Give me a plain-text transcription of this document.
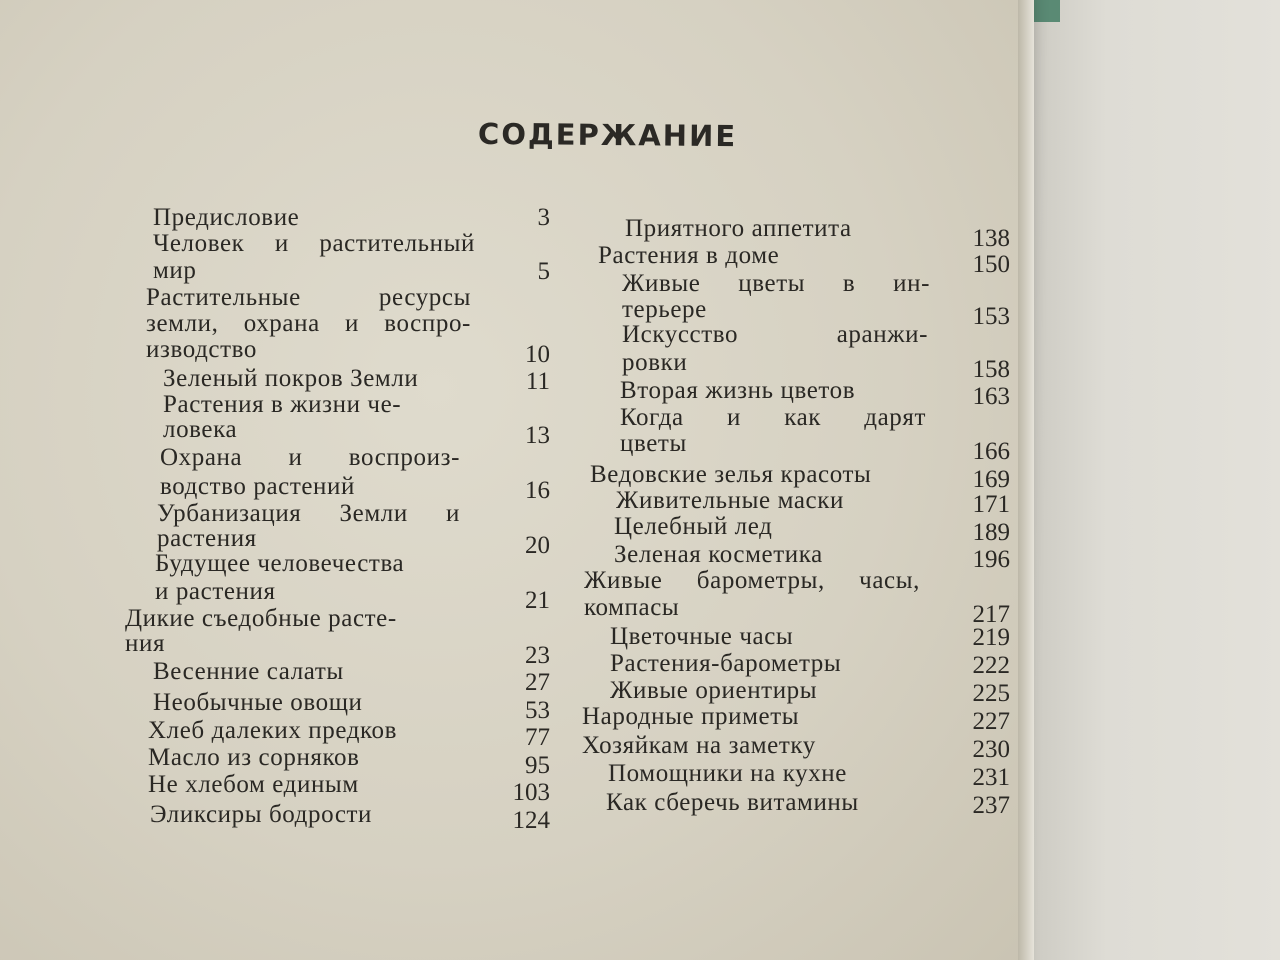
СОДЕРЖАНИЕ
Предисловие	3
Человек и растительный
мир	5
Растительные ресурсы
земли, охрана и воспро-
изводство	10
Зеленый покров Земли	11
Растения в жизни че-
ловека	13
Охрана и воспроиз-
водство растений	16
Урбанизация Земли и
растения	20
Будущее человечества
и растения	21
Дикие съедобные расте-
ния	23
Весенние салаты	27
Необычные овощи	53
Хлеб далеких предков	77
Масло из сорняков	95
Не хлебом единым	103
Эликсиры бодрости	124
Приятного аппетита	138
Растения в доме	150
Живые цветы в ин-
терьере	153
Искусство аранжи-
ровки	158
Вторая жизнь цветов	163
Когда и как дарят
цветы	166
Ведовские зелья красоты	169
Живительные маски	171
Целебный лед	189
Зеленая косметика	196
Живые барометры, часы,
компасы	217
Цветочные часы	219
Растения-барометры	222
Живые ориентиры	225
Народные приметы	227
Хозяйкам на заметку	230
Помощники на кухне	231
Как сберечь витамины	237
